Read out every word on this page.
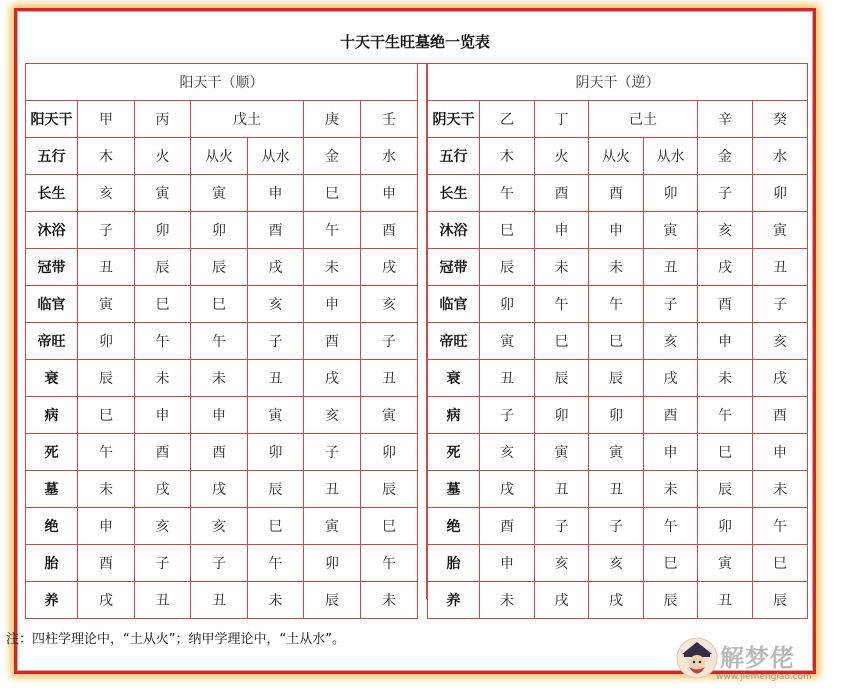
十天干生旺墓绝一览表
阳天干（顺）						
阳天干	甲	丙	戊土		庚	壬
五行	木	火	从火	从水	金	水
长生	亥	寅	寅	申	巳	申
沐浴	子	卯	卯	酉	午	酉
冠带	丑	辰	辰	戌	未	戌
临官	寅	巳	巳	亥	申	亥
帝旺	卯	午	午	子	酉	子
衰	辰	未	未	丑	戌	丑
病	巳	申	申	寅	亥	寅
死	午	酉	酉	卯	子	卯
墓	未	戌	戌	辰	丑	辰
绝	申	亥	亥	巳	寅	巳
胎	酉	子	子	午	卯	午
养	戌	丑	丑	未	辰	未
阴天干（逆）						
阴天干	乙	丁	己土		辛	癸
五行	木	火	从火	从水	金	水
长生	午	酉	酉	卯	子	卯
沐浴	巳	申	申	寅	亥	寅
冠带	辰	未	未	丑	戌	丑
临官	卯	午	午	子	酉	子
帝旺	寅	巳	巳	亥	申	亥
衰	丑	辰	辰	戌	未	戌
病	子	卯	卯	酉	午	酉
死	亥	寅	寅	申	巳	申
墓	戌	丑	丑	未	辰	未
绝	酉	子	子	午	卯	午
胎	申	亥	亥	巳	寅	巳
养	未	戌	戌	辰	丑	辰
注：四柱学理论中，“土从火”；纳甲学理论中，“土从水”。
解梦佬
www.jiemenglao.com
